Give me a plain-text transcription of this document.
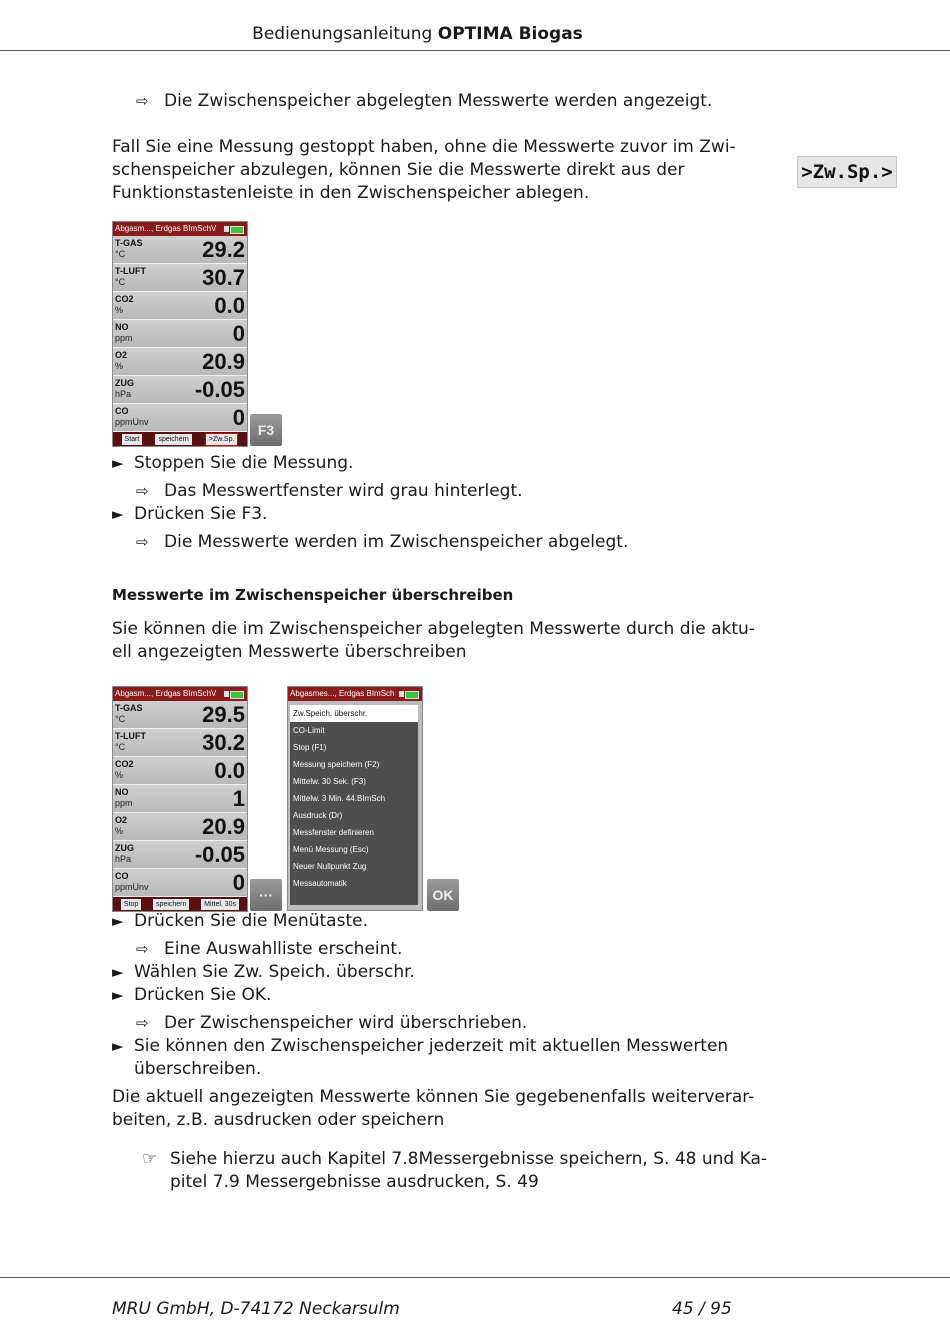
Bedienungsanleitung OPTIMA Biogas
⇨ Die Zwischenspeicher abgelegten Messwerte werden angezeigt.
Fall Sie eine Messung gestoppt haben, ohne die Messwerte zuvor im Zwi-
schenspeicher abzulegen, können Sie die Messwerte direkt aus der
Funktionstastenleiste in den Zwischenspeicher ablegen.
>Zw.Sp.>
Abgasm..., Erdgas BImSchV
T-GAS
°C	29.2
T-LUFT
°C	30.7
CO2
%	0.0
NO
ppm	0
O2
%	20.9
ZUG
hPa	-0.05
CO
ppmUnv	0
Start	speichern	>Zw.Sp.
F3
► Stoppen Sie die Messung.
⇨ Das Messwertfenster wird grau hinterlegt.
► Drücken Sie F3.
⇨ Die Messwerte werden im Zwischenspeicher abgelegt.
Messwerte im Zwischenspeicher überschreiben
Sie können die im Zwischenspeicher abgelegten Messwerte durch die aktu-
ell angezeigten Messwerte überschreiben
Abgasm..., Erdgas BImSchV
T-GAS
°C	29.5
T-LUFT
°C	30.2
CO2
%	0.0
NO
ppm	1
O2
%	20.9
ZUG
hPa	-0.05
CO
ppmUnv	0
Stop	speichern	Mittel. 30s
···
Abgasmes..., Erdgas BImSch
Zw.Speich. überschr.
CO-Limit
Stop (F1)
Messung speichern (F2)
Mittelw. 30 Sek. (F3)
Mittelw. 3 Min. 44.BImSch
Ausdruck (Dr)
Messfenster definieren
Menü Messung (Esc)
Neuer Nullpunkt Zug
Messautomatik
OK
► Drücken Sie die Menütaste.
⇨ Eine Auswahlliste erscheint.
► Wählen Sie Zw. Speich. überschr.
► Drücken Sie OK.
⇨ Der Zwischenspeicher wird überschrieben.
► Sie können den Zwischenspeicher jederzeit mit aktuellen Messwerten
überschreiben.
Die aktuell angezeigten Messwerte können Sie gegebenenfalls weiterverar-
beiten, z.B. ausdrucken oder speichern
☞ Siehe hierzu auch Kapitel 7.8Messergebnisse speichern, S. 48 und Ka-
pitel 7.9 Messergebnisse ausdrucken, S. 49
MRU GmbH, D-74172 Neckarsulm	45 / 95
